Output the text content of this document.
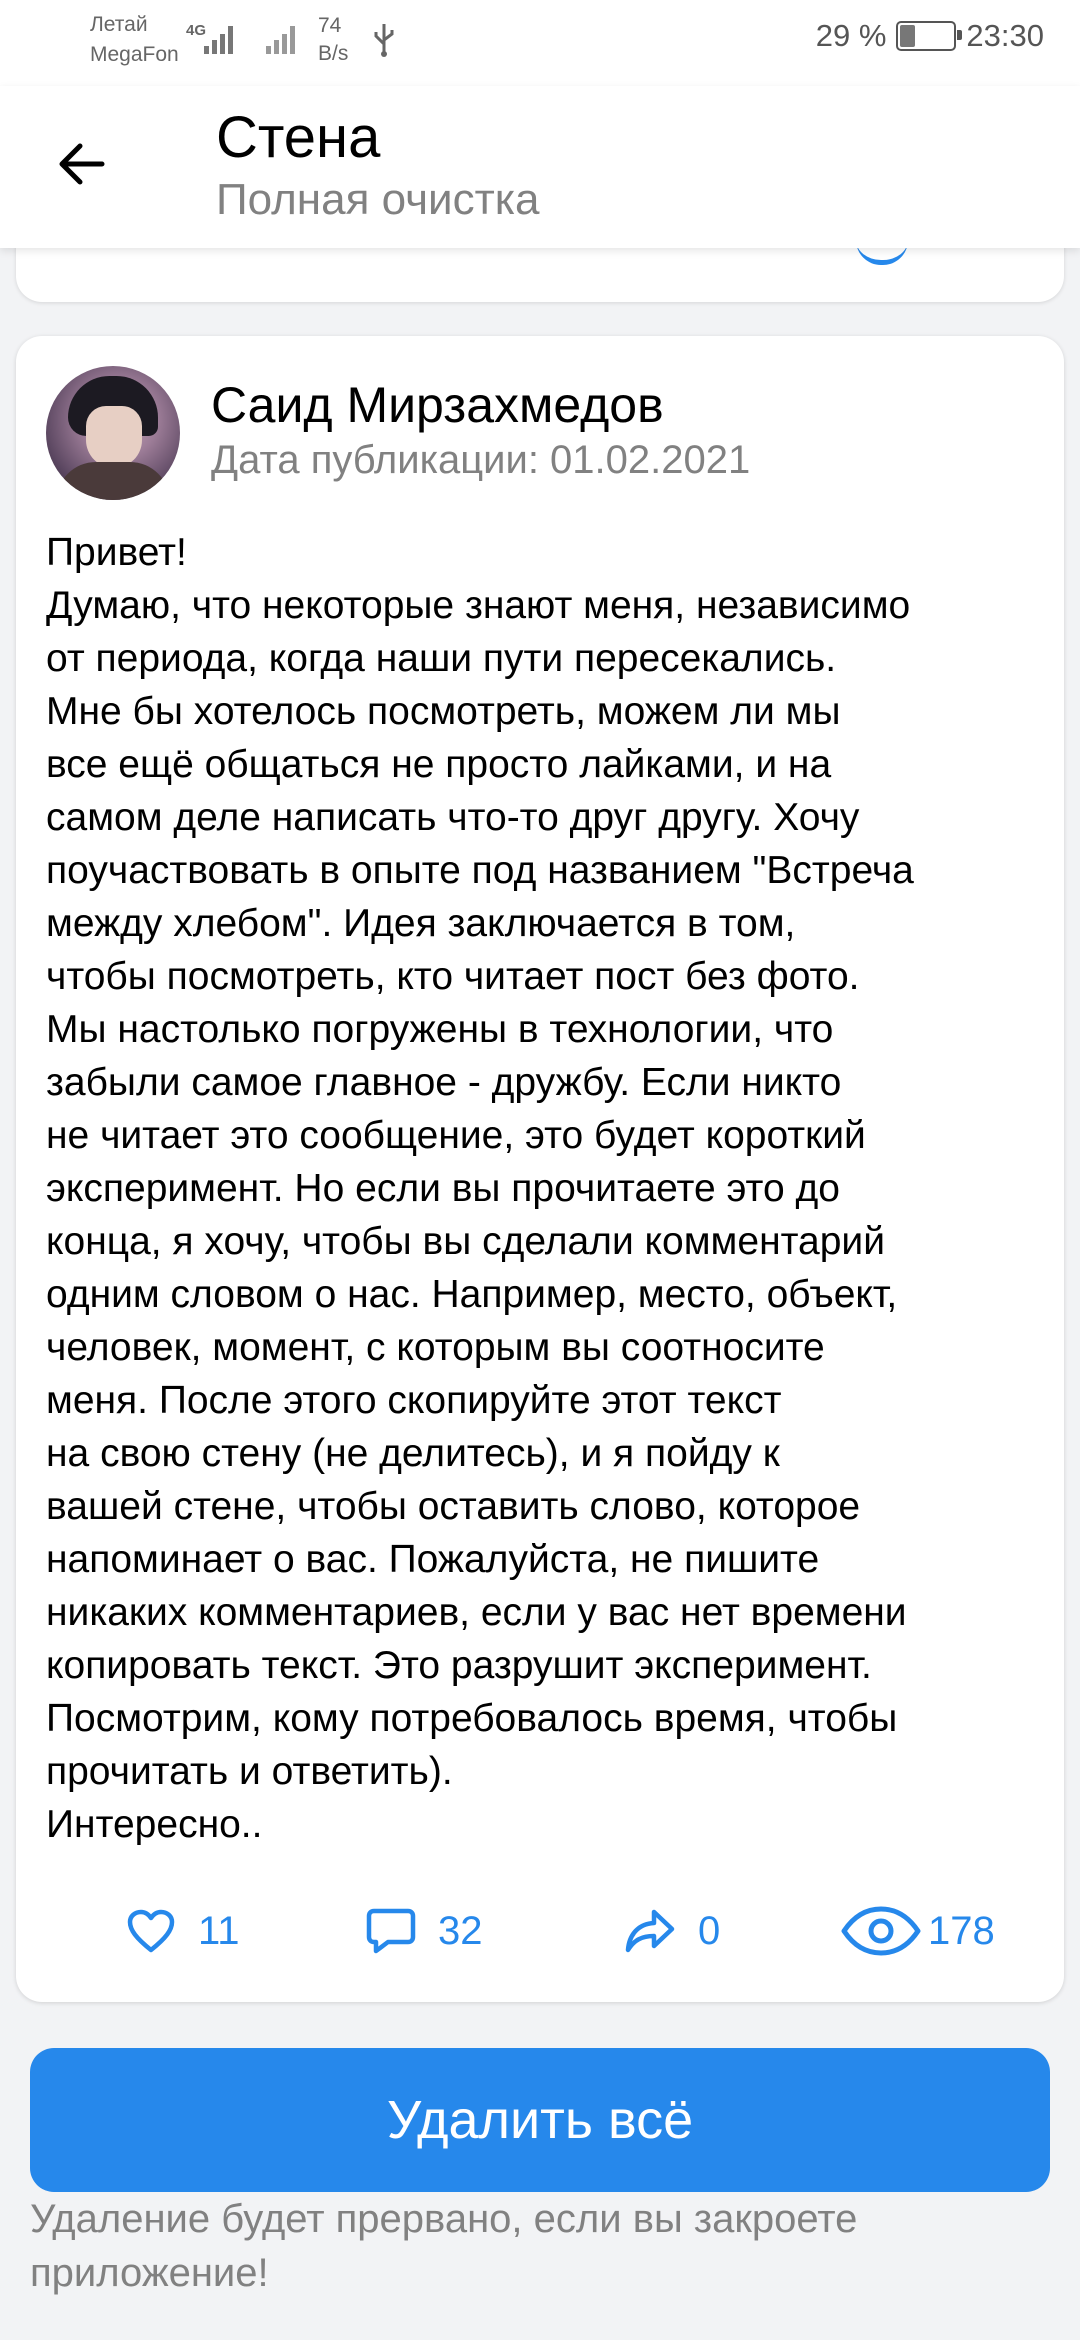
Летай
MegaFon
4G	74
B/s
29 %	23:30
Стена
Полная очистка
Саид Мирзахмедов
Дата публикации: 01.02.2021

Привет!
Думаю, что некоторые знают меня, независимо
от периода, когда наши пути пересекались.
Мне бы хотелось посмотреть, можем ли мы
все ещё общаться не просто лайками, и на
самом деле написать что-то друг другу. Хочу
поучаствовать в опыте под названием "Встреча
между хлебом". Идея заключается в том,
чтобы посмотреть, кто читает пост без фото.
Мы настолько погружены в технологии, что
забыли самое главное - дружбу. Если никто
не читает это сообщение, это будет короткий
эксперимент. Но если вы прочитаете это до
конца, я хочу, чтобы вы сделали комментарий
одним словом о нас. Например, место, объект,
человек, момент, с которым вы соотносите
меня. После этого скопируйте этот текст
на свою стену (не делитесь), и я пойду к
вашей стене, чтобы оставить слово, которое
напоминает о вас. Пожалуйста, не пишите
никаких комментариев, если у вас нет времени
копировать текст. Это разрушит эксперимент.
Посмотрим, кому потребовалось время, чтобы
прочитать и ответить).
Интересно..

11	32	0	178
Удалить всё
Удаление будет прервано, если вы закроете приложение!
